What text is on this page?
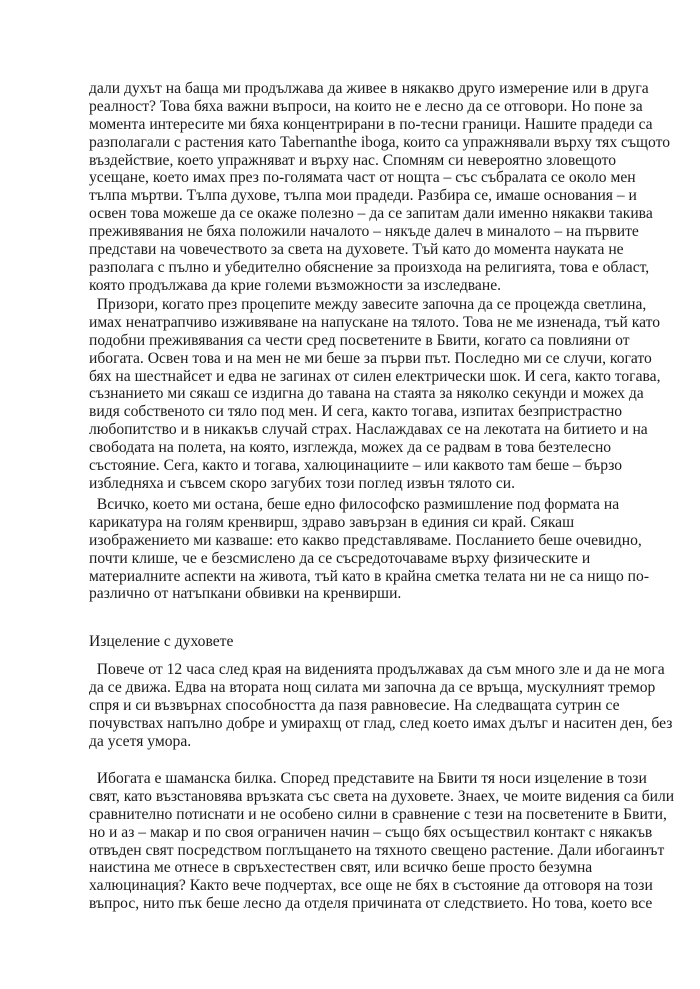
дали духът на баща ми продължава да живее в някакво друго измерение или в друга
реалност? Това бяха важни въпроси, на които не е лесно да се отговори. Но поне за
момента интересите ми бяха концентрирани в по-тесни граници. Нашите прадеди са
разполагали с растения като Tabernanthe iboga, които са упражнявали върху тях същото
въздействие, което упражняват и върху нас. Спомням си невероятно зловещото
усещане, което имах през по-голямата част от нощта – със събралата се около мен
тълпа мъртви. Тълпа духове, тълпа мои прадеди. Разбира се, имаше основания – и
освен това можеше да се окаже полезно – да се запитам дали именно някакви такива
преживявания не бяха положили началото – някъде далеч в миналото – на първите
представи на човечеството за света на духовете. Тъй като до момента науката не
разполага с пълно и убедително обяснение за произхода на религията, това е област,
която продължава да крие големи възможности за изследване.
Призори, когато през процепите между завесите започна да се процежда светлина,
имах ненатрапчиво изживяване на напускане на тялото. Това не ме изненада, тъй като
подобни преживявания са чести сред посветените в Бвити, когато са повлияни от
ибогата. Освен това и на мен не ми беше за първи път. Последно ми се случи, когато
бях на шестнайсет и едва не загинах от силен електрически шок. И сега, както тогава,
съзнанието ми сякаш се издигна до тавана на стаята за няколко секунди и можех да
видя собственото си тяло под мен. И сега, както тогава, изпитах безпристрастно
любопитство и в никакъв случай страх. Наслаждавах се на лекотата на битието и на
свободата на полета, на която, изглежда, можех да се радвам в това безтелесно
състояние. Сега, както и тогава, халюцинациите – или каквото там беше – бързо
избледняха и съвсем скоро загубих този поглед извън тялото си.
Всичко, което ми остана, беше едно философско размишление под формата на
карикатура на голям кренвирш, здраво завързан в единия си край. Сякаш
изображението ми казваше: ето какво представляваме. Посланието беше очевидно,
почти клише, че е безсмислено да се съсредоточаваме върху физическите и
материалните аспекти на живота, тъй като в крайна сметка телата ни не са нищо по-
различно от натъпкани обвивки на кренвирши.
Изцеление с духовете
Повече от 12 часа след края на виденията продължавах да съм много зле и да не мога
да се движа. Едва на втората нощ силата ми започна да се връща, мускулният тремор
спря и си възвърнах способността да пазя равновесие. На следващата сутрин се
почувствах напълно добре и умирахщ от глад, след което имах дълъг и наситен ден, без
да усетя умора.
Ибогата е шаманска билка. Според представите на Бвити тя носи изцеление в този
свят, като възстановява връзката със света на духовете. Знаех, че моите видения са били
сравнително потиснати и не особено силни в сравнение с тези на посветените в Бвити,
но и аз – макар и по своя ограничен начин – също бях осъществил контакт с някакъв
отвъден свят посредством поглъщането на тяхното свещено растение. Дали ибогаинът
наистина ме отнесе в свръхестествен свят, или всичко беше просто безумна
халюцинация? Както вече подчертах, все още не бях в състояние да отговоря на този
въпрос, нито пък беше лесно да отделя причината от следствието. Но това, което все
